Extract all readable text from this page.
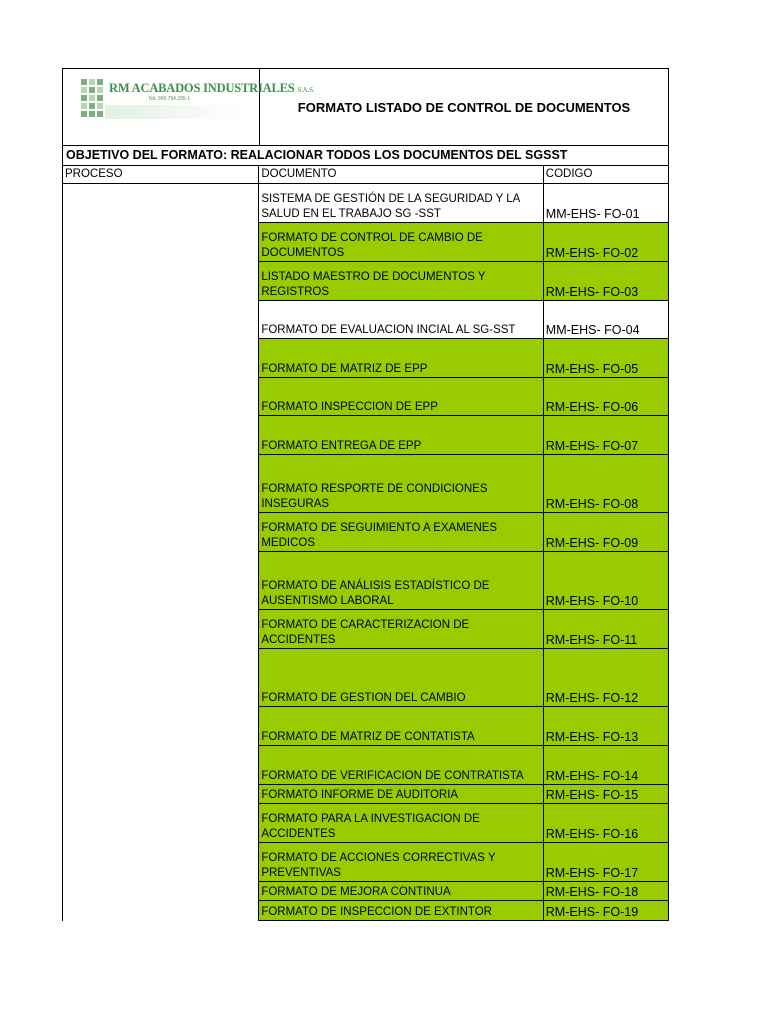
RM ACABADOS INDUSTRIALES S.A.S.
Nit. 900.794.295-1
FORMATO LISTADO DE CONTROL DE DOCUMENTOS
OBJETIVO DEL FORMATO: REALACIONAR TODOS LOS DOCUMENTOS DEL SGSST
PROCESO	DOCUMENTO	CODIGO
	SISTEMA DE GESTIÓN DE LA SEGURIDAD Y LA SALUD EN EL TRABAJO SG -SST	MM-EHS- FO-01
	FORMATO DE CONTROL DE CAMBIO DE DOCUMENTOS	RM-EHS- FO-02
	LISTADO MAESTRO DE DOCUMENTOS Y REGISTROS	RM-EHS- FO-03
	FORMATO DE EVALUACION INCIAL AL SG-SST	MM-EHS- FO-04
	FORMATO DE MATRIZ DE EPP	RM-EHS- FO-05
	FORMATO INSPECCION DE EPP	RM-EHS- FO-06
	FORMATO ENTREGA DE EPP	RM-EHS- FO-07
	FORMATO RESPORTE DE CONDICIONES INSEGURAS	RM-EHS- FO-08
	FORMATO DE SEGUIMIENTO A EXAMENES MEDICOS	RM-EHS- FO-09
	FORMATO DE ANÁLISIS ESTADÍSTICO DE AUSENTISMO LABORAL	RM-EHS- FO-10
	FORMATO DE CARACTERIZACION DE ACCIDENTES	RM-EHS- FO-11
	FORMATO DE GESTION DEL CAMBIO	RM-EHS- FO-12
	FORMATO DE MATRIZ DE CONTATISTA	RM-EHS- FO-13
	FORMATO DE VERIFICACION DE CONTRATISTA	RM-EHS- FO-14
	FORMATO INFORME DE AUDITORIA	RM-EHS- FO-15
	FORMATO PARA LA INVESTIGACION DE ACCIDENTES	RM-EHS- FO-16
	FORMATO DE ACCIONES CORRECTIVAS Y PREVENTIVAS	RM-EHS- FO-17
	FORMATO DE MEJORA CONTINUA	RM-EHS- FO-18
	FORMATO DE INSPECCION DE EXTINTOR	RM-EHS- FO-19
